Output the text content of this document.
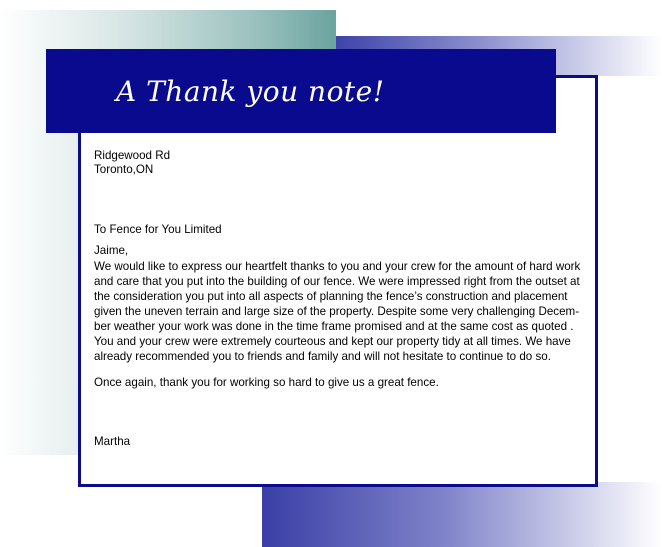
A Thank you note!
Ridgewood Rd
Toronto,ON
To Fence for You Limited
Jaime,
We would like to express our heartfelt thanks to you and your crew for the amount of hard work
and care that you put into the building of our fence. We were impressed right from the outset at
the consideration you put into all aspects of planning the fence’s construction and placement
given the uneven terrain and large size of the property. Despite some very challenging Decem-
ber weather your work was done in the time frame promised and at the same cost as quoted .
You and your crew were extremely courteous and kept our property tidy at all times. We have
already recommended you to friends and family and will not hesitate to continue to do so.
Once again, thank you for working so hard to give us a great fence.
Martha
